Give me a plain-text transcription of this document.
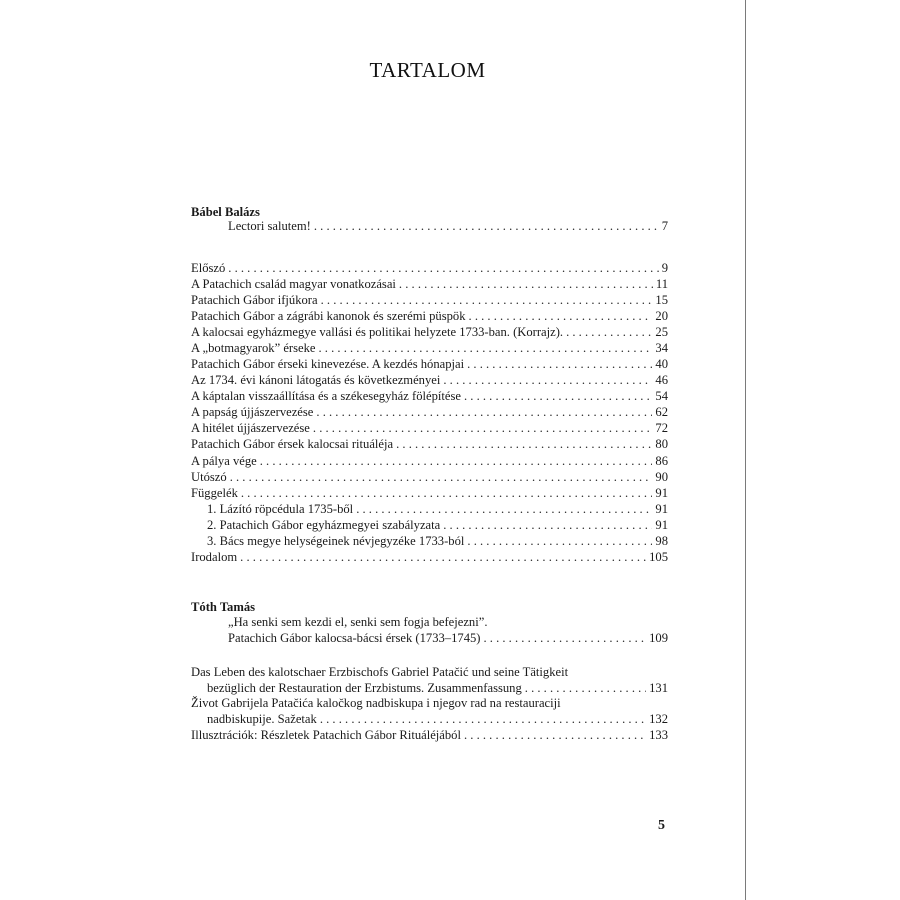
TARTALOM
Bábel Balázs
Lectori salutem! . . .	7
Előszó . . .	9
A Patachich család magyar vonatkozásai . . .	11
Patachich Gábor ifjúkora . . .	15
Patachich Gábor a zágrábi kanonok és szerémi püspök . . .	20
A kalocsai egyházmegye vallási és politikai helyzete 1733-ban. (Korrajz). . . .	25
A „botmagyarok” érseke . . .	34
Patachich Gábor érseki kinevezése. A kezdés hónapjai . . .	40
Az 1734. évi kánoni látogatás és következményei . . .	46
A káptalan visszaállítása és a székesegyház fölépítése . . .	54
A papság újjászervezése . . .	62
A hitélet újjászervezése . . .	72
Patachich Gábor érsek kalocsai rituáléja . . .	80
A pálya vége . . .	86
Utószó . . .	90
Függelék . . .	91
1. Lázító röpcédula 1735-ből . . .	91
2. Patachich Gábor egyházmegyei szabályzata . . .	91
3. Bács megye helységeinek névjegyzéke 1733-ból . . .	98
Irodalom . . .	105
Tóth Tamás
„Ha senki sem kezdi el, senki sem fogja befejezni”.
Patachich Gábor kalocsa-bácsi érsek (1733–1745) . . .	109
Das Leben des kalotschaer Erzbischofs Gabriel Patačić und seine Tätigkeit
bezüglich der Restauration der Erzbistums. Zusammenfassung . . .	131
Život Gabrijela Patačića kaločkog nadbiskupa i njegov rad na restauraciji
nadbiskupije. Sažetak . . .	132
Illusztrációk: Részletek Patachich Gábor Rituáléjából . . .	133
5
